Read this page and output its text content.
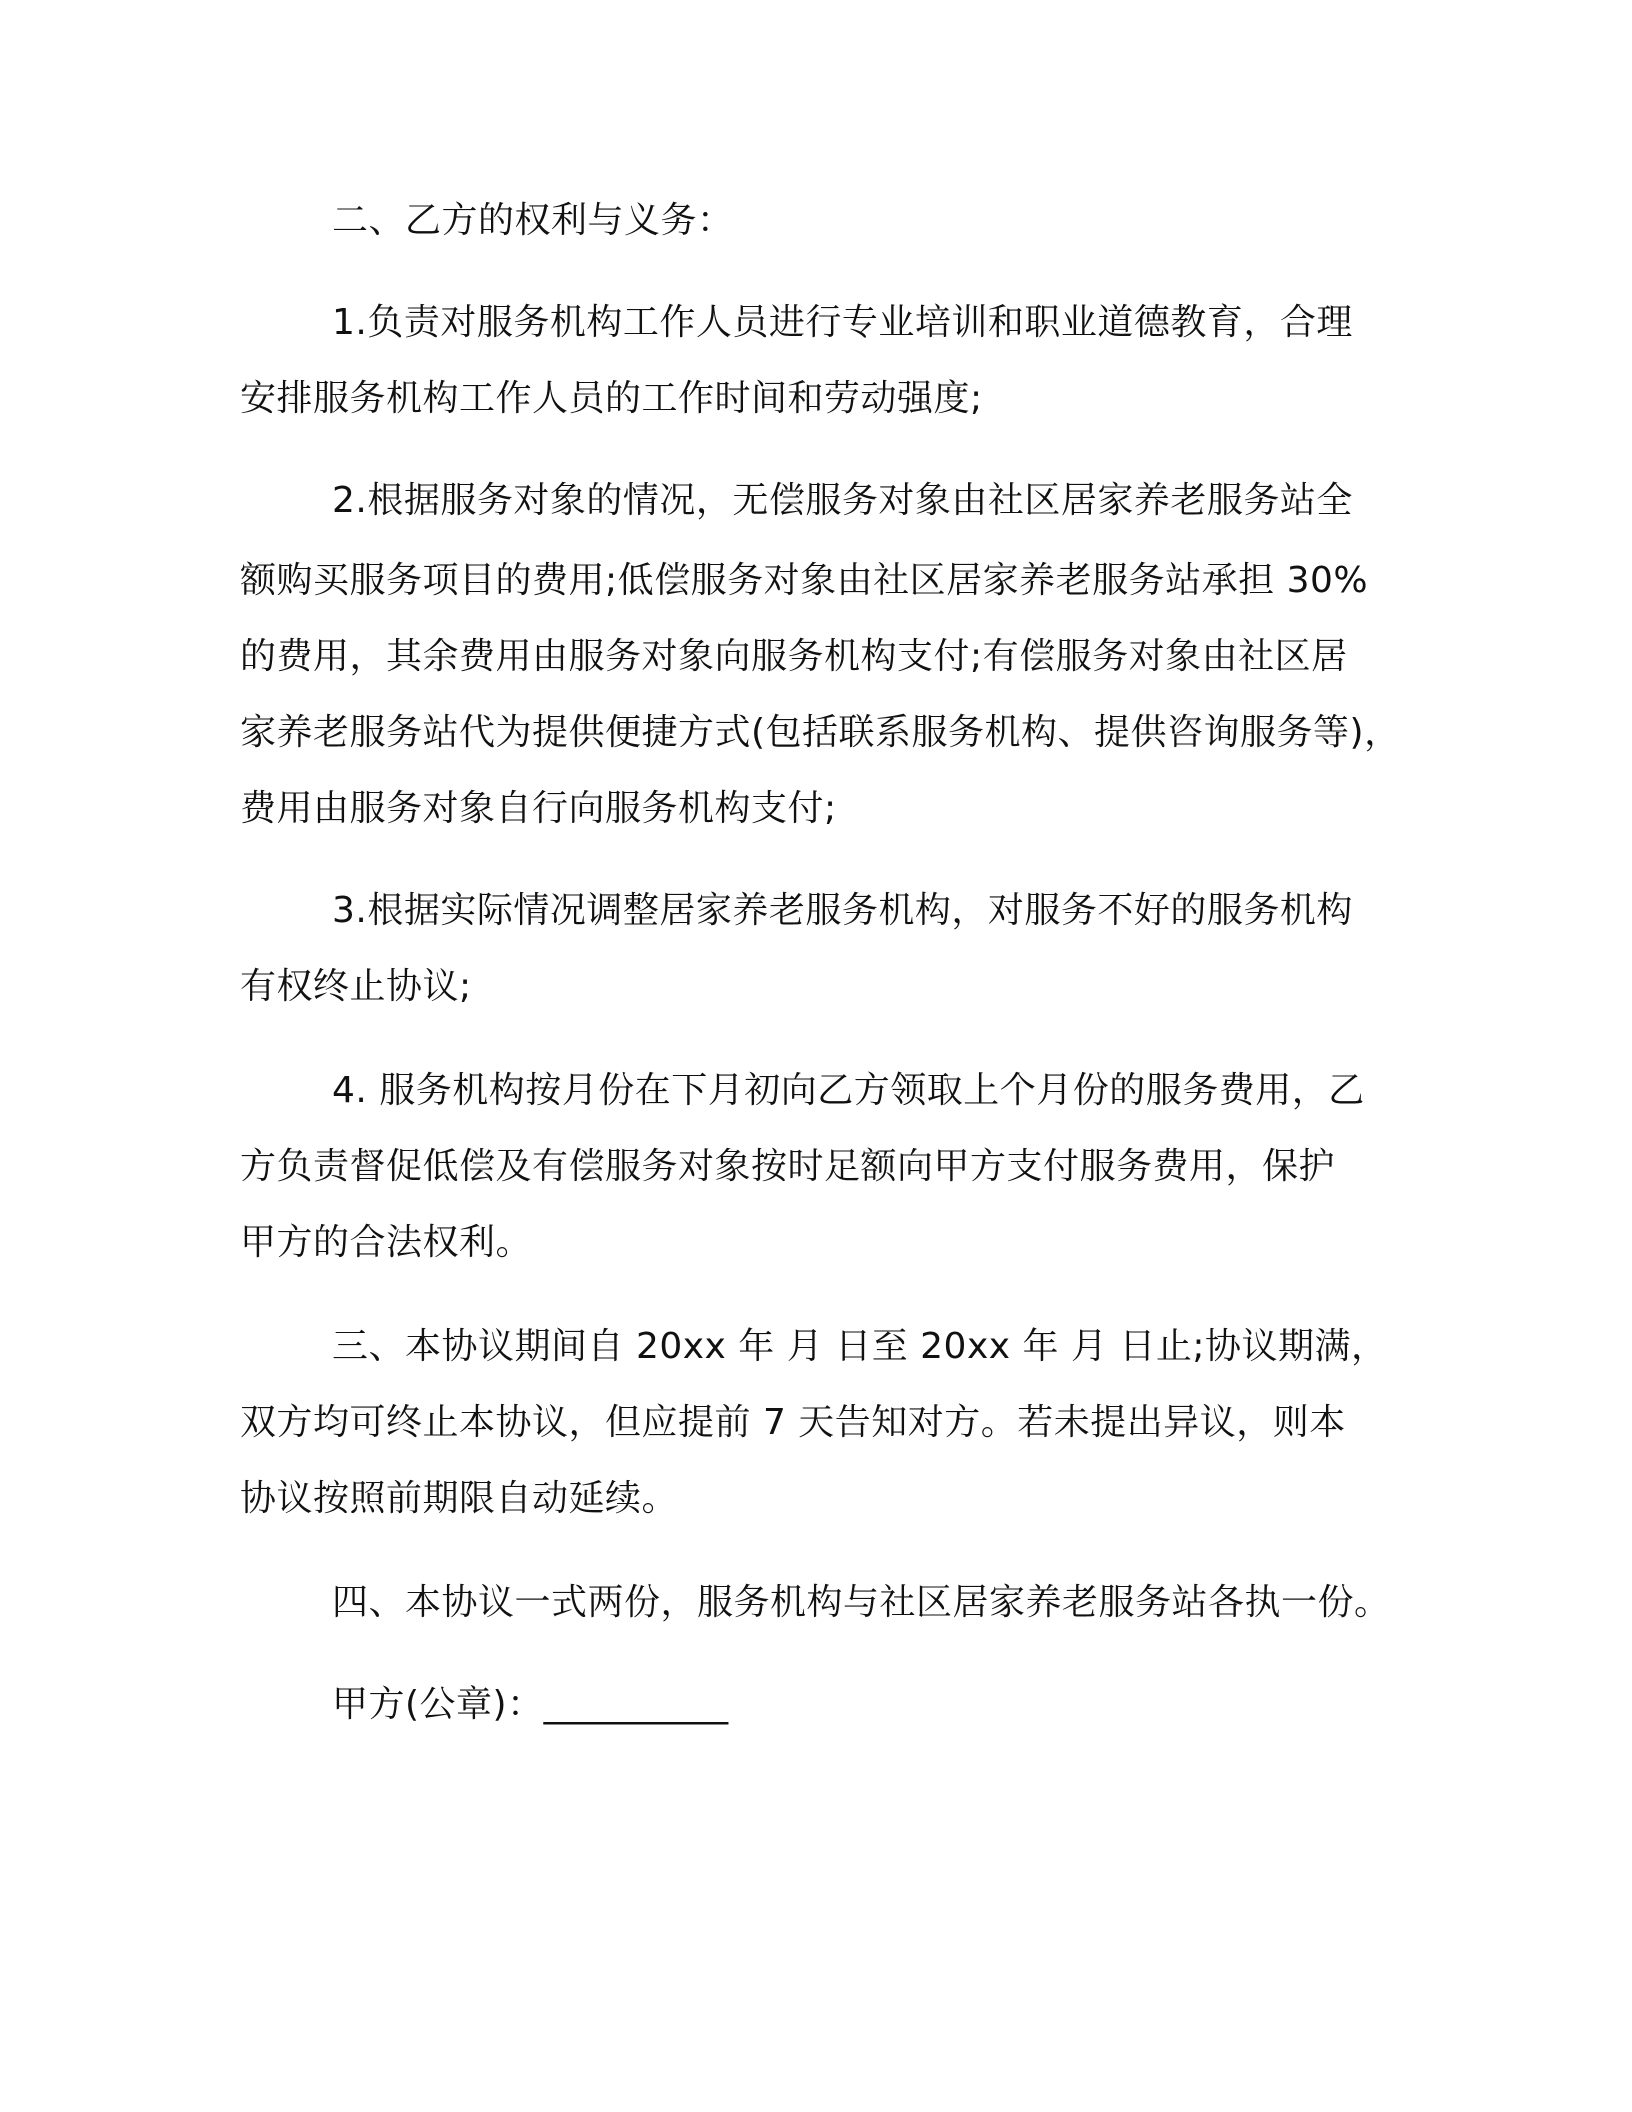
二、乙方的权利与义务：

1.负责对服务机构工作人员进行专业培训和职业道德教育，合理

安排服务机构工作人员的工作时间和劳动强度;

2.根据服务对象的情况，无偿服务对象由社区居家养老服务站全

额购买服务项目的费用;低偿服务对象由社区居家养老服务站承担 30%

的费用，其余费用由服务对象向服务机构支付;有偿服务对象由社区居

家养老服务站代为提供便捷方式(包括联系服务机构、提供咨询服务等)，

费用由服务对象自行向服务机构支付;

3.根据实际情况调整居家养老服务机构，对服务不好的服务机构

有权终止协议;

4. 服务机构按月份在下月初向乙方领取上个月份的服务费用，乙

方负责督促低偿及有偿服务对象按时足额向甲方支付服务费用，保护

甲方的合法权利。

三、本协议期间自 20xx 年 月 日至 20xx 年 月 日止;协议期满，

双方均可终止本协议，但应提前 7 天告知对方。若未提出异议，则本

协议按照前期限自动延续。

四、本协议一式两份，服务机构与社区居家养老服务站各执一份。

甲方(公章)：__________
